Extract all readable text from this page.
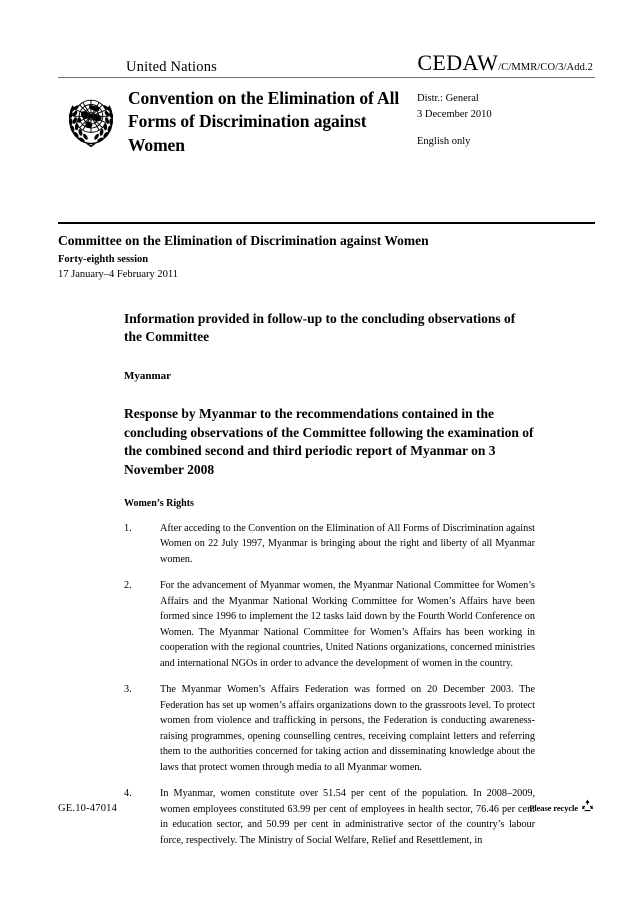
United Nations	CEDAW/C/MMR/CO/3/Add.2
Convention on the Elimination of All Forms of Discrimination against Women
Distr.: General
3 December 2010
English only
Committee on the Elimination of Discrimination against Women
Forty-eighth session
17 January–4 February 2011
Information provided in follow-up to the concluding observations of the Committee
Myanmar
Response by Myanmar to the recommendations contained in the concluding observations of the Committee following the examination of the combined second and third periodic report of Myanmar on 3 November 2008
Women’s Rights
1.	After acceding to the Convention on the Elimination of All Forms of Discrimination against Women on 22 July 1997, Myanmar is bringing about the right and liberty of all Myanmar women.
2.	For the advancement of Myanmar women, the Myanmar National Committee for Women’s Affairs and the Myanmar National Working Committee for Women’s Affairs have been formed since 1996 to implement the 12 tasks laid down by the Fourth World Conference on Women. The Myanmar National Committee for Women’s Affairs has been working in cooperation with the regional countries, United Nations organizations, concerned ministries and international NGOs in order to advance the development of women in the country.
3.	The Myanmar Women’s Affairs Federation was formed on 20 December 2003. The Federation has set up women’s affairs organizations down to the grassroots level. To protect women from violence and trafficking in persons, the Federation is conducting awareness-raising programmes, opening counselling centres, receiving complaint letters and referring them to the authorities concerned for taking action and disseminating knowledge about the laws that protect women through media to all Myanmar women.
4.	In Myanmar, women constitute over 51.54 per cent of the population. In 2008–2009, women employees constituted 63.99 per cent of employees in health sector, 76.46 per cent in education sector, and 50.99 per cent in administrative sector of the country’s labour force, respectively. The Ministry of Social Welfare, Relief and Resettlement, in
GE.10-47014	Please recycle
